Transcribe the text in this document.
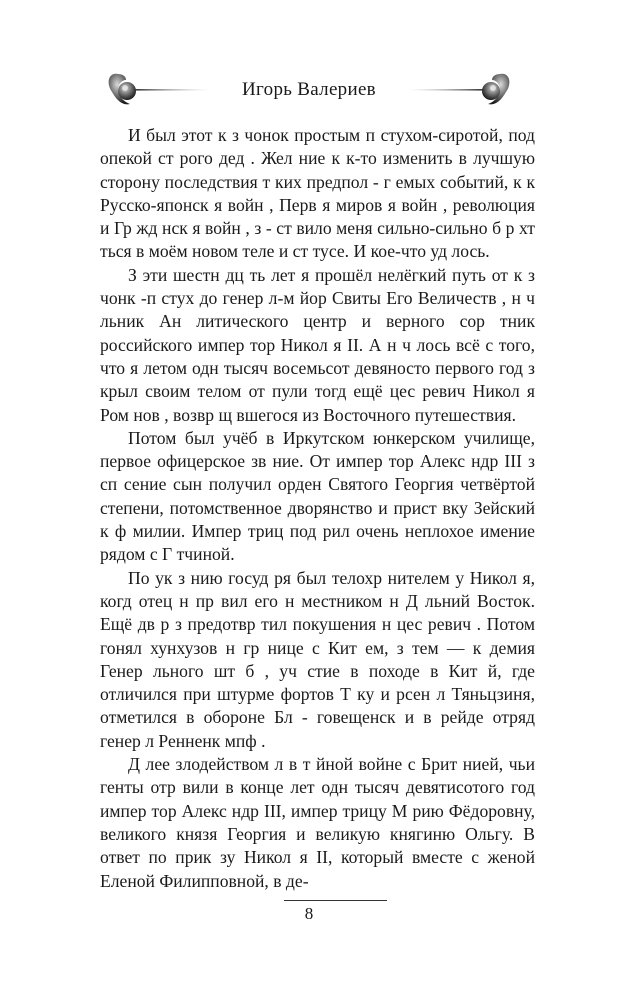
Игорь Валериев

И был этот к з чонок простым п стухом-сиротой, под опекой ст рого дед . Жел ние к к-то изменить в лучшую сторону последствия т ких предпол - г емых событий, к к Русско-японск я войн , Перв я миров я войн , революция и Гр жд нск я войн , з - ст вило меня сильно-сильно б р хт ться в моём новом теле и ст тусе. И кое-что уд лось.

З эти шестн дц ть лет я прошёл нелёгкий путь от к з чонк -п стух до генер л-м йор Свиты Его Величеств , н ч льник Ан литического центр и верного сор тник российского импер тор Никол я II. А н ч лось всё с того, что я летом одн тысяч восемьсот девяносто первого год з крыл своим телом от пули тогд ещё цес ревич Никол я Ром нов , возвр щ вшегося из Восточного путешествия.

Потом был учёб в Иркутском юнкерском училище, первое офицерское зв ние. От импер тор Алекс ндр III з сп сение сын получил орден Святого Георгия четвёртой степени, потомственное дворянство и прист вку Зейский к ф милии. Импер триц под рил очень неплохое имение рядом с Г тчиной.

По ук з нию госуд ря был телохр нителем у Никол я, когд отец н пр вил его н местником н Д льний Восток. Ещё дв р з предотвр тил покушения н цес ревич . Потом гонял хунхузов н гр нице с Кит ем, з тем — к демия Генер льного шт б , уч стие в походе в Кит й, где отличился при штурме фортов Т ку и рсен л Тяньцзиня, отметился в обороне Бл - говещенск и в рейде отряд генер л Ренненк мпф .

Д лее злодейством л в т йной войне с Брит нией, чьи генты отр вили в конце лет одн тысяч девятисотого год импер тор Алекс ндр III, импер трицу М рию Фёдоровну, великого князя Георгия и великую княгиню Ольгу. В ответ по прик зу Никол я II, который вместе с женой Еленой Филипповной, в де-

8
